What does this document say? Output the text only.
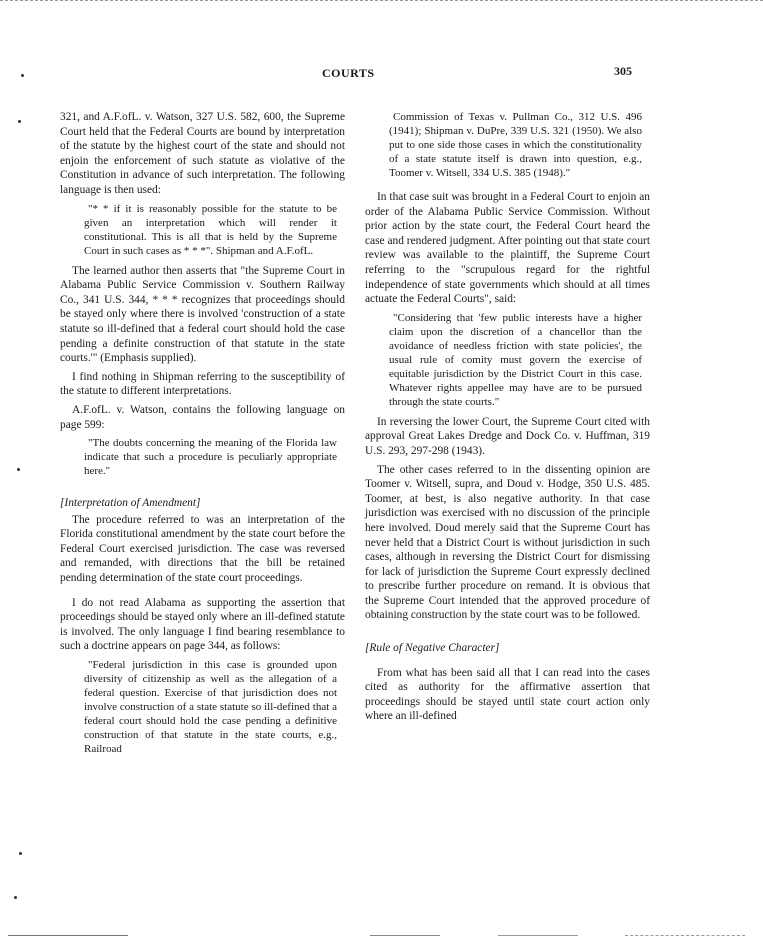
COURTS	305

321, and A.F.ofL. v. Watson, 327 U.S. 582, 600, the Supreme Court held that the Federal Courts are bound by interpretation of the statute by the highest court of the state and should not enjoin the enforcement of such statute as violative of the Constitution in advance of such interpretation. The following language is then used:

"* * if it is reasonably possible for the statute to be given an interpretation which will render it constitutional. This is all that is held by the Supreme Court in such cases as * * *". Shipman and A.F.ofL.

The learned author then asserts that "the Supreme Court in Alabama Public Service Commission v. Southern Railway Co., 341 U.S. 344, * * * recognizes that proceedings should be stayed only where there is involved 'construction of a state statute so ill-defined that a federal court should hold the case pending a definite construction of that statute in the state courts.'" (Emphasis supplied).

I find nothing in Shipman referring to the susceptibility of the statute to different interpretations.

A.F.ofL. v. Watson, contains the following language on page 599:

"The doubts concerning the meaning of the Florida law indicate that such a procedure is peculiarly appropriate here."

[Interpretation of Amendment]

The procedure referred to was an interpretation of the Florida constitutional amendment by the state court before the Federal Court exercised jurisdiction. The case was reversed and remanded, with directions that the bill be retained pending determination of the state court proceedings.

I do not read Alabama as supporting the assertion that proceedings should be stayed only where an ill-defined statute is involved. The only language I find bearing resemblance to such a doctrine appears on page 344, as follows:

"Federal jurisdiction in this case is grounded upon diversity of citizenship as well as the allegation of a federal question. Exercise of that jurisdiction does not involve construction of a state statute so ill-defined that a federal court should hold the case pending a definitive construction of that statute in the state courts, e.g., Railroad

Commission of Texas v. Pullman Co., 312 U.S. 496 (1941); Shipman v. DuPre, 339 U.S. 321 (1950). We also put to one side those cases in which the constitutionality of a state statute itself is drawn into question, e.g., Toomer v. Witsell, 334 U.S. 385 (1948)."

In that case suit was brought in a Federal Court to enjoin an order of the Alabama Public Service Commission. Without prior action by the state court, the Federal Court heard the case and rendered judgment. After pointing out that state court review was available to the plaintiff, the Supreme Court referring to the "scrupulous regard for the rightful independence of state governments which should at all times actuate the Federal Courts", said:

"Considering that 'few public interests have a higher claim upon the discretion of a chancellor than the avoidance of needless friction with state policies', the usual rule of comity must govern the exercise of equitable jurisdiction by the District Court in this case. Whatever rights appellee may have are to be pursued through the state courts."

In reversing the lower Court, the Supreme Court cited with approval Great Lakes Dredge and Dock Co. v. Huffman, 319 U.S. 293, 297-298 (1943).

The other cases referred to in the dissenting opinion are Toomer v. Witsell, supra, and Doud v. Hodge, 350 U.S. 485. Toomer, at best, is also negative authority. In that case jurisdiction was exercised with no discussion of the principle here involved. Doud merely said that the Supreme Court has never held that a District Court is without jurisdiction in such cases, although in reversing the District Court for dismissing for lack of jurisdiction the Supreme Court expressly declined to prescribe further procedure on remand. It is obvious that the Supreme Court intended that the approved procedure of obtaining construction by the state court was to be followed.

[Rule of Negative Character]

From what has been said all that I can read into the cases cited as authority for the affirmative assertion that proceedings should be stayed until state court action only where an ill-defined
